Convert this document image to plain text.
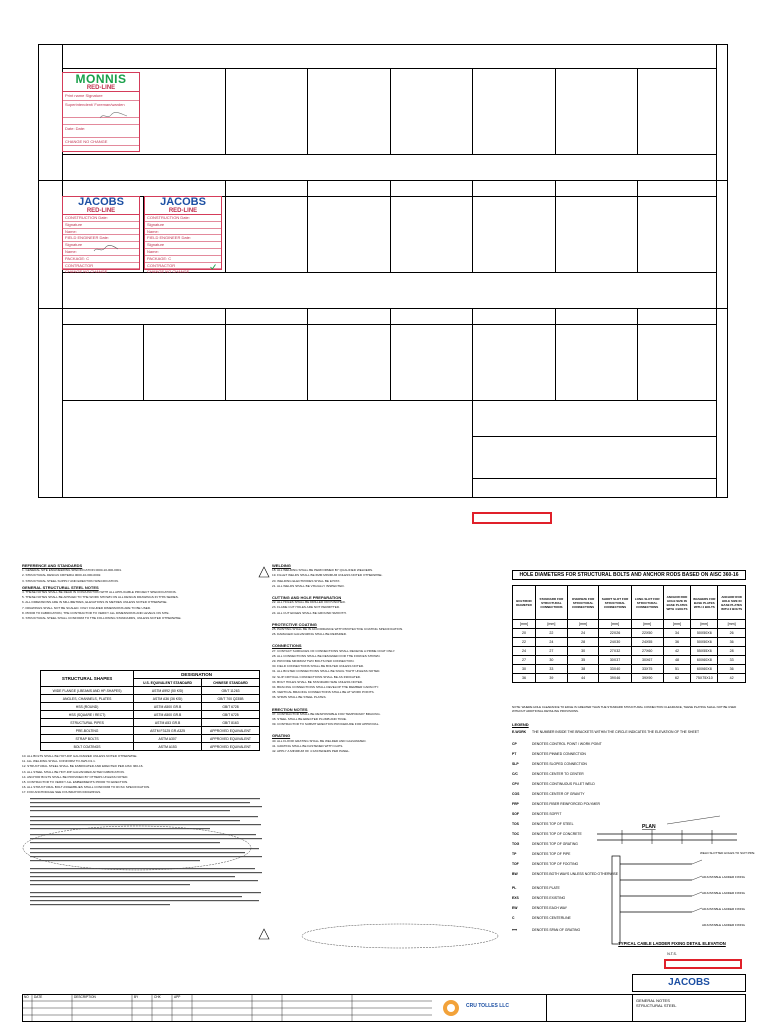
MONNIS
RED-LINE
Print name Signature
Superintendent/ Foreman/warden
Date: Date:
CHANGE NO CHANGE
JACOBS
RED-LINE
CONSTRUCTION Date:
Signature
Name:
FIELD ENGINEER Date:
Signature
Name:
PACKAGE: C
CONTRACTOR
CHANGE NO CHANGE
JACOBS
RED-LINE
CONSTRUCTION Date:
Signature
Name:
FIELD ENGINEER Date:
Signature
Name:
PACKAGE: C
CONTRACTOR
CHANGE NO CHANGE
REFERENCE AND STANDARDS

1. GENERAL SITE ENGINEERING SPECIFICATION 0000-10-000-0001.

2. STRUCTURAL DESIGN CRITERIA 0000-10-000-0002.

3. STRUCTURAL STEEL SUPPLY AND ERECTION SPECIFICATION.

GENERAL STRUCTURAL STEEL NOTES

4. THESE NOTES SHALL BE READ IN CONJUNCTION WITH ALL APPLICABLE PROJECT SPECIFICATIONS.

5. THESE NOTES SHALL BE APPLIED TO THE WORK SHOWN ON ALL DESIGN DRAWINGS IN THIS SERIES.

6. ALL DIMENSIONS ARE IN MILLIMETRES, ELEVATIONS IN METRES UNLESS NOTED OTHERWISE.

7. DRAWINGS SHALL NOT BE SCALED. ONLY FIGURED DIMENSIONS ARE TO BE USED.

8. PRIOR TO FABRICATION, THE CONTRACTOR TO VERIFY ALL DIMENSIONS AND LEVELS ON SITE.

9. STRUCTURAL STEEL SHALL CONFORM TO THE FOLLOWING STANDARDS, UNLESS NOTED OTHERWISE.

STRUCTURAL SHAPES	DESIGNATION	
	U.S. EQUIVALENT STANDARD	CHINESE STANDARD
WIDE FLANGE (I-BEAMS AND HP-SHAPES)	ASTM A992 (50 KSI)	GB/T 11263
ANGLES, CHANNELS, PLATES	ASTM A36 (36 KSI)	GB/T 700 Q235B
HSS (ROUND)	ASTM A500 GR.B	GB/T 6728
HSS (SQUARE / RECT)	ASTM A500 GR.B	GB/T 6725
STRUCTURAL PIPES	ASTM A53 GR.B	GB/T 8163
PRE-BOLTING	ASTM F3125 GR.A325	APPROVED EQUIVALENT
STRAP BOLTS	ASTM A307	APPROVED EQUIVALENT
BOLT COATINGS	ASTM A153	APPROVED EQUIVALENT

10. ALL BOLTS SHALL BE HOT-DIP GALVANIZED UNLESS NOTED OTHERWISE.

11. ALL WELDING SHALL CONFORM TO AWS D1.1.

12. STRUCTURAL STEEL SHALL BE FABRICATED AND ERECTED PER AISC 360-16.

13. ALL STEEL SHALL BE HOT-DIP GALVANIZED AFTER FABRICATION.

14. ANCHOR BOLTS SHALL BE PROVIDED BY OTHERS UNLESS NOTED.

15. CONTRACTOR TO VERIFY ALL EMBEDMENTS PRIOR TO ERECTION.

16. ALL STRUCTURAL BOLT ASSEMBLIES SHALL CONFORM TO RCSC SPECIFICATION.

17. FOR ANCHORAGE SEE FOUNDATION DRAWINGS.

WELDING

18. ALL WELDING SHALL BE PERFORMED BY QUALIFIED WELDERS.

19. FILLET WELDS SHALL BE 6MM MINIMUM UNLESS NOTED OTHERWISE.

20. WELDING ELECTRODES SHALL BE E70XX.

21. ALL WELDS SHALL BE VISUALLY INSPECTED.

CUTTING AND HOLE PREPARATION

22. ALL HOLES SHALL BE DRILLED OR PUNCHED.

23. FLAME CUT HOLES ARE NOT PERMITTED.

24. ALL CUT EDGES SHALL BE GROUND SMOOTH.

PROTECTIVE COATING

25. PAINTING SHALL BE IN ACCORDANCE WITH PROTECTIVE COATING SPECIFICATION.

26. DAMAGED GALVANIZING SHALL BE REPAIRED.

CONNECTIONS

27. CONTACT SURFACES OF CONNECTIONS SHALL RECEIVE A PRIME COAT ONLY.

28. ALL CONNECTIONS SHALL BE DESIGNED FOR THE FORCES SHOWN.

29. PROVIDE MINIMUM TWO BOLTS PER CONNECTION.

30. FIELD CONNECTIONS SHALL BE BOLTED UNLESS NOTED.

31. ALL BOLTED CONNECTIONS SHALL BE SNUG TIGHT UNLESS NOTED.

32. SLIP CRITICAL CONNECTIONS SHALL BE AS INDICATED.

33. BOLT HOLES SHALL BE STANDARD SIZE UNLESS NOTED.

34. BRACING CONNECTIONS SHALL DEVELOP THE MEMBER CAPACITY.

35. VERTICAL BRACING CONNECTIONS SHALL BE AT WORK POINTS.

36. SHIMS SHALL BE STEEL PLATES.

ERECTION NOTES

37. CONTRACTOR SHALL BE RESPONSIBLE FOR TEMPORARY BRACING.

38. STEEL SHALL BE ERECTED PLUMB AND TRUE.

39. CONTRACTOR TO SUBMIT ERECTION PROCEDURE FOR APPROVAL.

GRATING

40. ALL FLOOR GRATING SHALL BE WELDED AND GALVANIZED.

41. GRATING SHALL BE FASTENED WITH CLIPS.

42. APPLY A MINIMUM OF 4 FASTENERS PER PANEL.

HOLE DIAMETERS FOR STRUCTURAL BOLTS AND ANCHOR RODS BASED ON AISC 360-16
BOLT/ROD DIAMETER	STANDARD FOR STRUCTURAL CONNECTIONS	OVERSIZE FOR STRUCTURAL CONNECTIONS	SHORT SLOT FOR STRUCTURAL CONNECTIONS	LONG SLOT FOR STRUCTURAL CONNECTIONS	ANCHOR ROD HOLE SIZE IN BASE PLATES WITH 4 BOLTS	WASHERS FOR BASE PLATES WITH 4 BOLTS	ANCHOR ROD HOLE SIZE IN BASE PLATES WITH 2 BOLTS
[mm]	[mm]	[mm]	[mm]	[mm]	[mm]	[mm]	[mm]
20	22	24	22X26	22X50	34	50X50X6	26
22	24	28	24X30	24X55	36	50X50X6	36
24	27	30	27X32	27X60	42	55X55X6	28
27	30	35	30X37	30X67	48	60X60X8	33
30	33	38	33X40	33X75	51	60X60X8	36
36	39	44	39X46	39X90	62	75X75X10	42
NOTE: WHERE HOLE CLEARANCE TO EDGE IS GREATER THAN THE STANDARD STRUCTURAL CONNECTION CLEARANCE, THESE PLATING SHALL NOT BE USED WITHOUT ADDITIONAL DETAILING PROVISIONS.
LEGEND
E-WORK THE NUMBER INSIDE THE BRACKETS WITHIN THE CIRCLE INDICATES THE ELEVATION OF THE SHEET
CP	DENOTES CONTROL POINT / WORK POINT
PT	DENOTES PINNED CONNECTION
SLP	DENOTES SLOPED CONNECTION
C/C	DENOTES CENTER TO CENTER
CPV	DENOTES CONTINUOUS FILLET WELD
COS	DENOTES CENTER OF GRAVITY
FRP	DENOTES FIBER REINFORCED POLYMER
SOF	DENOTES SOFFIT
TOS	DENOTES TOP OF STEEL
TOC	DENOTES TOP OF CONCRETE
TOG	DENOTES TOP OF GRATING
TP	DENOTES TOP OF PIPE
TOF	DENOTES TOP OF FOOTING
BW	DENOTES BOTH WAYS UNLESS NOTED OTHERWISE
PL	DENOTES PLATE
EXS	DENOTES EXISTING
EW	DENOTES EACH WAY
C	DENOTES CENTERLINE
⟷	DENOTES SPAN OF GRATING
PLAN
WELD SLOTTED HOLES TO SUIT PIPE
ADJUSTABLE LADDER FIXING
ADJUSTABLE LADDER FIXING
ADJUSTABLE LADDER FIXING
ADJUSTABLE LADDER FIXING
TYPICAL CABLE LADDER FIXING DETAIL ELEVATION
N.T.S.
JACOBS
NO DATE	DESCRIPTION	BY	CHK	APP
CRU TOLLES LLC
GENERAL NOTES
STRUCTURAL STEEL
